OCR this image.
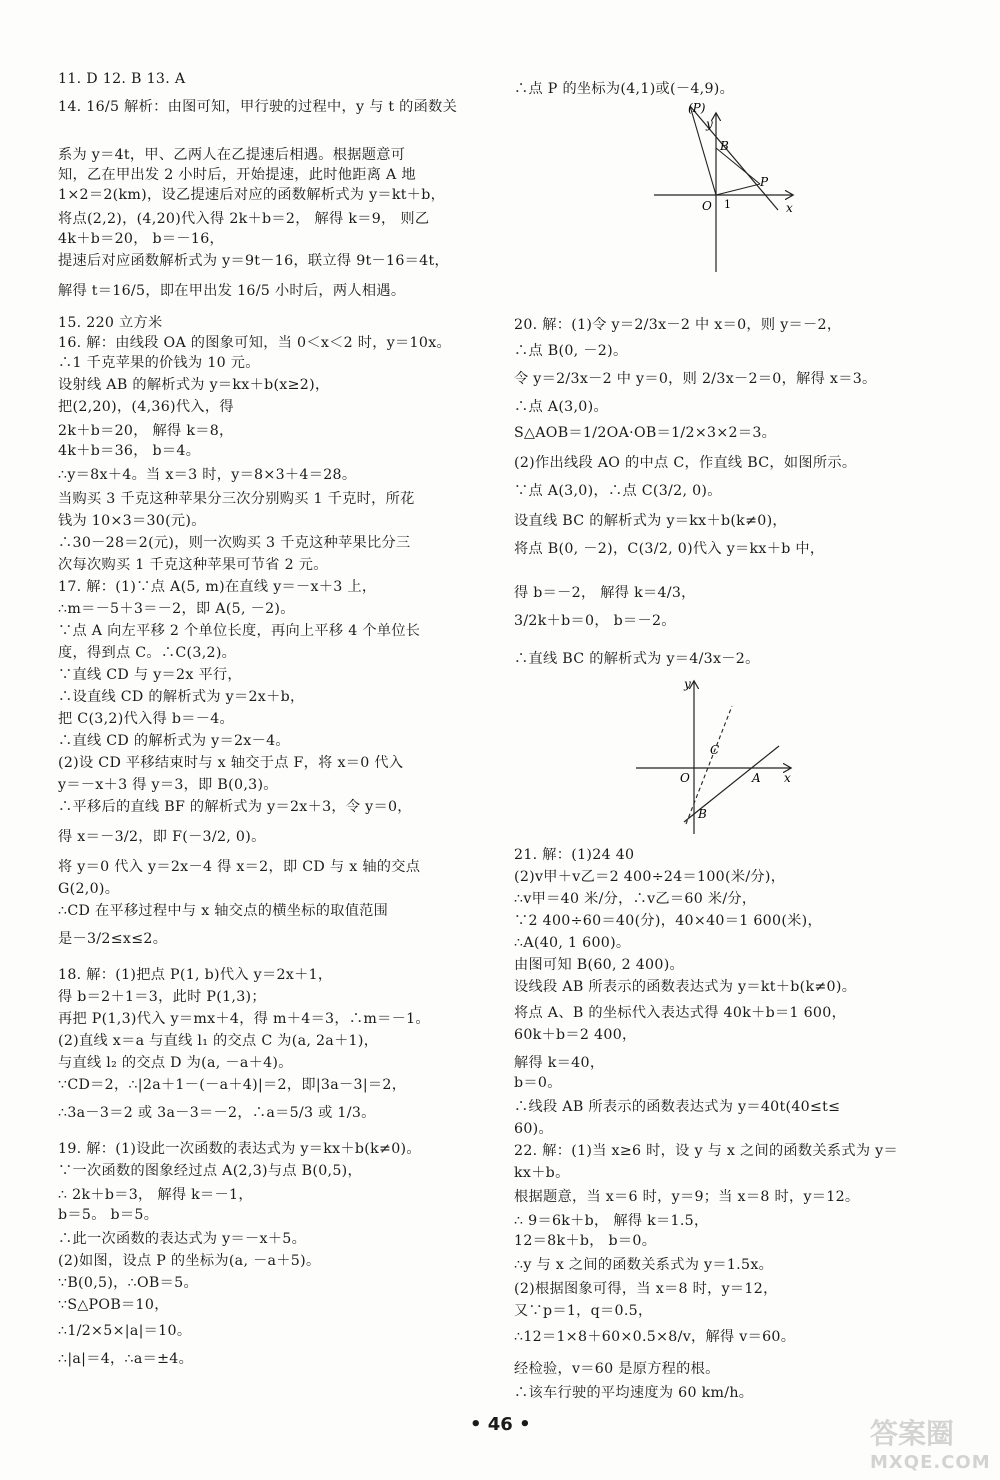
11. D 12. B 13. A
14. 16/5 解析：由图可知，甲行驶的过程中，y 与 t 的函数关
系为 y＝4t，甲、乙两人在乙提速后相遇。根据题意可
知，乙在甲出发 2 小时后，开始提速，此时他距离 A 地
1×2＝2(km)，设乙提速后对应的函数解析式为 y＝kt＋b，
将点(2,2)，(4,20)代入得 2k＋b＝2， 解得 k＝9， 则乙
4k＋b＝20， b＝－16，
提速后对应函数解析式为 y＝9t－16，联立得 9t－16＝4t，
解得 t＝16/5，即在甲出发 16/5 小时后，两人相遇。
15. 220 立方米
16. 解：由线段 OA 的图象可知，当 0＜x＜2 时，y＝10x。
∴1 千克苹果的价钱为 10 元。
设射线 AB 的解析式为 y＝kx＋b(x≥2)，
把(2,20)，(4,36)代入，得
2k＋b＝20， 解得 k＝8，
4k＋b＝36， b＝4。
∴y＝8x＋4。当 x＝3 时，y＝8×3＋4＝28。
当购买 3 千克这种苹果分三次分别购买 1 千克时，所花
钱为 10×3＝30(元)。
∴30－28＝2(元)，则一次购买 3 千克这种苹果比分三
次每次购买 1 千克这种苹果可节省 2 元。
17. 解：(1)∵点 A(5, m)在直线 y＝－x＋3 上，
∴m＝－5＋3＝－2，即 A(5, －2)。
∵点 A 向左平移 2 个单位长度，再向上平移 4 个单位长
度，得到点 C。∴C(3,2)。
∵直线 CD 与 y＝2x 平行，
∴设直线 CD 的解析式为 y＝2x＋b，
把 C(3,2)代入得 b＝－4。
∴直线 CD 的解析式为 y＝2x－4。
(2)设 CD 平移结束时与 x 轴交于点 F，将 x＝0 代入
y＝－x＋3 得 y＝3，即 B(0,3)。
∴平移后的直线 BF 的解析式为 y＝2x＋3，令 y＝0，
得 x＝－3/2，即 F(－3/2, 0)。
将 y＝0 代入 y＝2x－4 得 x＝2，即 CD 与 x 轴的交点
G(2,0)。
∴CD 在平移过程中与 x 轴交点的横坐标的取值范围
是－3/2≤x≤2。
18. 解：(1)把点 P(1, b)代入 y＝2x＋1，
得 b＝2＋1＝3，此时 P(1,3)；
再把 P(1,3)代入 y＝mx＋4，得 m＋4＝3，∴m＝－1。
(2)直线 x＝a 与直线 l₁ 的交点 C 为(a, 2a＋1)，
与直线 l₂ 的交点 D 为(a, －a＋4)。
∵CD＝2，∴|2a＋1－(－a＋4)|＝2，即|3a－3|＝2，
∴3a－3＝2 或 3a－3＝－2，∴a＝5/3 或 1/3。
19. 解：(1)设此一次函数的表达式为 y＝kx＋b(k≠0)。
∵一次函数的图象经过点 A(2,3)与点 B(0,5)，
∴ 2k＋b＝3， 解得 k＝－1，
b＝5。 b＝5。
∴此一次函数的表达式为 y＝－x＋5。
(2)如图，设点 P 的坐标为(a, －a＋5)。
∵B(0,5)，∴OB＝5。
∵S△POB＝10，
∴1/2×5×|a|＝10。
∴|a|＝4，∴a＝±4。
∴点 P 的坐标为(4,1)或(－4,9)。
20. 解：(1)令 y＝2/3x－2 中 x＝0，则 y＝－2，
∴点 B(0, －2)。
令 y＝2/3x－2 中 y＝0，则 2/3x－2＝0，解得 x＝3。
∴点 A(3,0)。
S△AOB＝1/2OA·OB＝1/2×3×2＝3。
(2)作出线段 AO 的中点 C，作直线 BC，如图所示。
∵点 A(3,0)，∴点 C(3/2, 0)。
设直线 BC 的解析式为 y＝kx＋b(k≠0)，
将点 B(0, －2)，C(3/2, 0)代入 y＝kx＋b 中，
得 b＝－2， 解得 k＝4/3，
3/2k＋b＝0， b＝－2。
∴直线 BC 的解析式为 y＝4/3x－2。
21. 解：(1)24 40
(2)v甲＋v乙＝2 400÷24＝100(米/分)，
∴v甲＝40 米/分，∴v乙＝60 米/分，
∵2 400÷60＝40(分)，40×40＝1 600(米)，
∴A(40, 1 600)。
由图可知 B(60, 2 400)。
设线段 AB 所表示的函数表达式为 y＝kt＋b(k≠0)。
将点 A、B 的坐标代入表达式得 40k＋b＝1 600，
60k＋b＝2 400，
解得 k＝40，
b＝0。
∴线段 AB 所表示的函数表达式为 y＝40t(40≤t≤
60)。
22. 解：(1)当 x≥6 时，设 y 与 x 之间的函数关系式为 y＝
kx＋b。
根据题意，当 x＝6 时，y＝9；当 x＝8 时，y＝12。
∴ 9＝6k＋b， 解得 k＝1.5，
12＝8k＋b， b＝0。
∴y 与 x 之间的函数关系式为 y＝1.5x。
(2)根据图象可得，当 x＝8 时，y＝12，
又∵p＝1，q＝0.5，
∴12＝1×8＋60×0.5×8/v，解得 v＝60。
经检验，v＝60 是原方程的根。
∴该车行驶的平均速度为 60 km/h。
(P)
y
B
P
O 1	x
y
C
O	A x
B
• 46 •	答案圈
MXQE.COM
